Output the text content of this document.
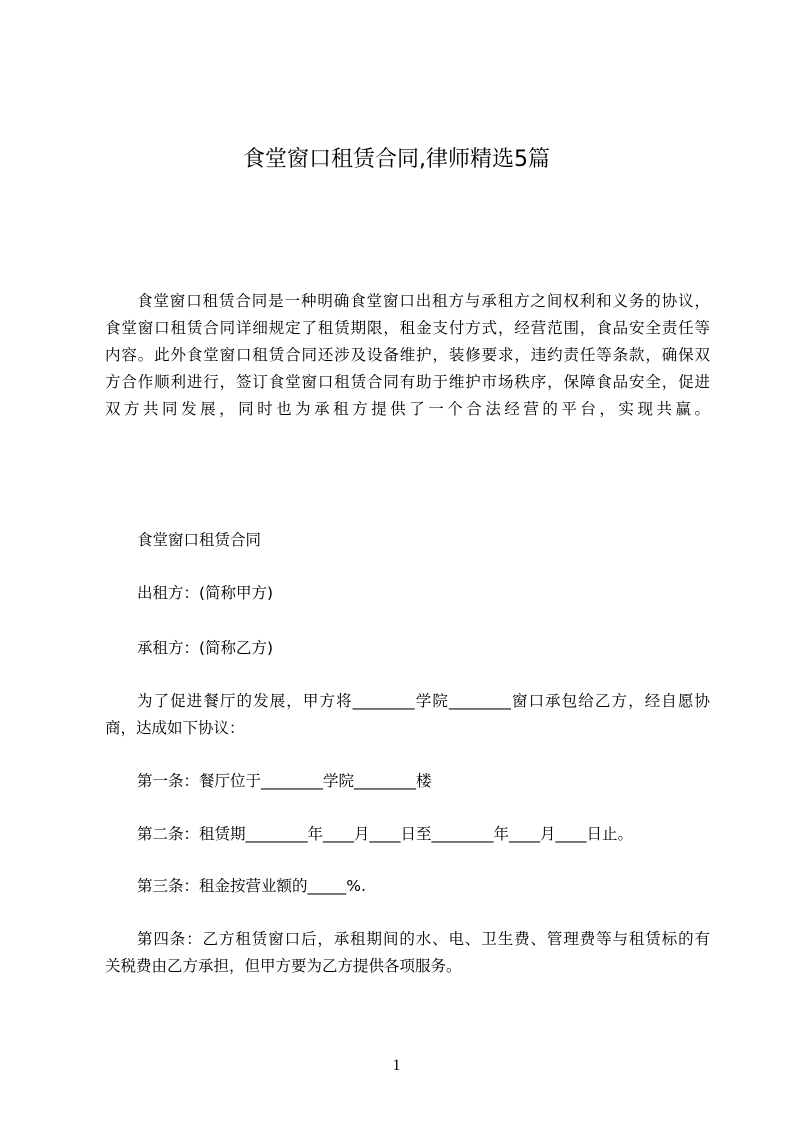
食堂窗口租赁合同,律师精选5篇
食堂窗口租赁合同是一种明确食堂窗口出租方与承租方之间权利和义务的协议，
食堂窗口租赁合同详细规定了租赁期限，租金支付方式，经营范围，食品安全责任等
内容。此外食堂窗口租赁合同还涉及设备维护，装修要求，违约责任等条款，确保双
方合作顺利进行，签订食堂窗口租赁合同有助于维护市场秩序，保障食品安全，促进
双方共同发展，同时也为承租方提供了一个合法经营的平台，实现共赢。
食堂窗口租赁合同
出租方：(简称甲方)
承租方：(简称乙方)
为了促进餐厅的发展，甲方将________学院________窗口承包给乙方，经自愿协
商，达成如下协议：
第一条：餐厅位于________学院________楼
第二条：租赁期________年____月____日至________年____月____日止。
第三条：租金按营业额的_____%.
第四条：乙方租赁窗口后，承租期间的水、电、卫生费、管理费等与租赁标的有
关税费由乙方承担，但甲方要为乙方提供各项服务。
1
